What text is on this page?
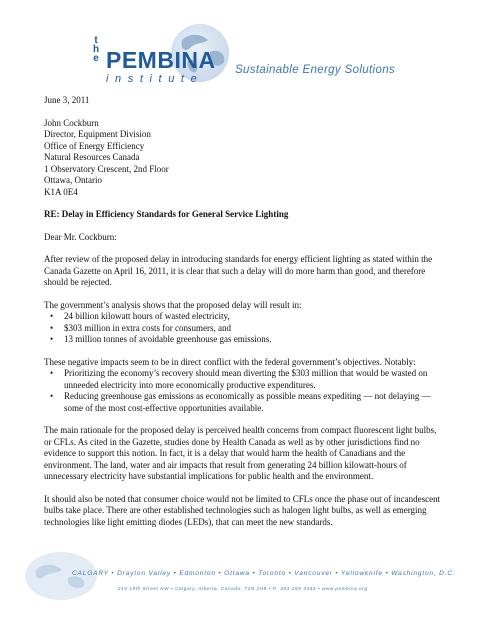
t
h
e PEMBINA
institute
Sustainable Energy Solutions

June 3, 2011

John Cockburn
Director, Equipment Division
Office of Energy Efficiency
Natural Resources Canada
1 Observatory Crescent, 2nd Floor
Ottawa, Ontario
K1A 0E4

RE: Delay in Efficiency Standards for General Service Lighting

Dear Mr. Cockburn:

After review of the proposed delay in introducing standards for energy efficient lighting as stated within the Canada Gazette on April 16, 2011, it is clear that such a delay will do more harm than good, and therefore should be rejected.

The government’s analysis shows that the proposed delay will result in:

• 24 billion kilowatt hours of wasted electricity,
• $303 million in extra costs for consumers, and
• 13 million tonnes of avoidable greenhouse gas emissions.

These negative impacts seem to be in direct conflict with the federal government’s objectives. Notably:

• Prioritizing the economy’s recovery should mean diverting the $303 million that would be wasted on unneeded electricity into more economically productive expenditures.
• Reducing greenhouse gas emissions as economically as possible means expediting — not delaying — some of the most cost-effective opportunities available.

The main rationale for the proposed delay is perceived health concerns from compact fluorescent light bulbs, or CFLs. As cited in the Gazette, studies done by Health Canada as well as by other jurisdictions find no evidence to support this notion. In fact, it is a delay that would harm the health of Canadians and the environment. The land, water and air impacts that result from generating 24 billion kilowatt-hours of unnecessary electricity have substantial implications for public health and the environment.

It should also be noted that consumer choice would not be limited to CFLs once the phase out of incandescent bulbs take place. There are other established technologies such as halogen light bulbs, as well as emerging technologies like light emitting diodes (LEDs), that can meet the new standards.

CALGARY • Drayton Valley • Edmonton • Ottawa • Toronto • Vancouver • Yellowknife • Washington, D.C.
219 19th Street NW • Calgary, Alberta, Canada, T2N 2H9 • P: 403-269-3344 • www.pembina.org
